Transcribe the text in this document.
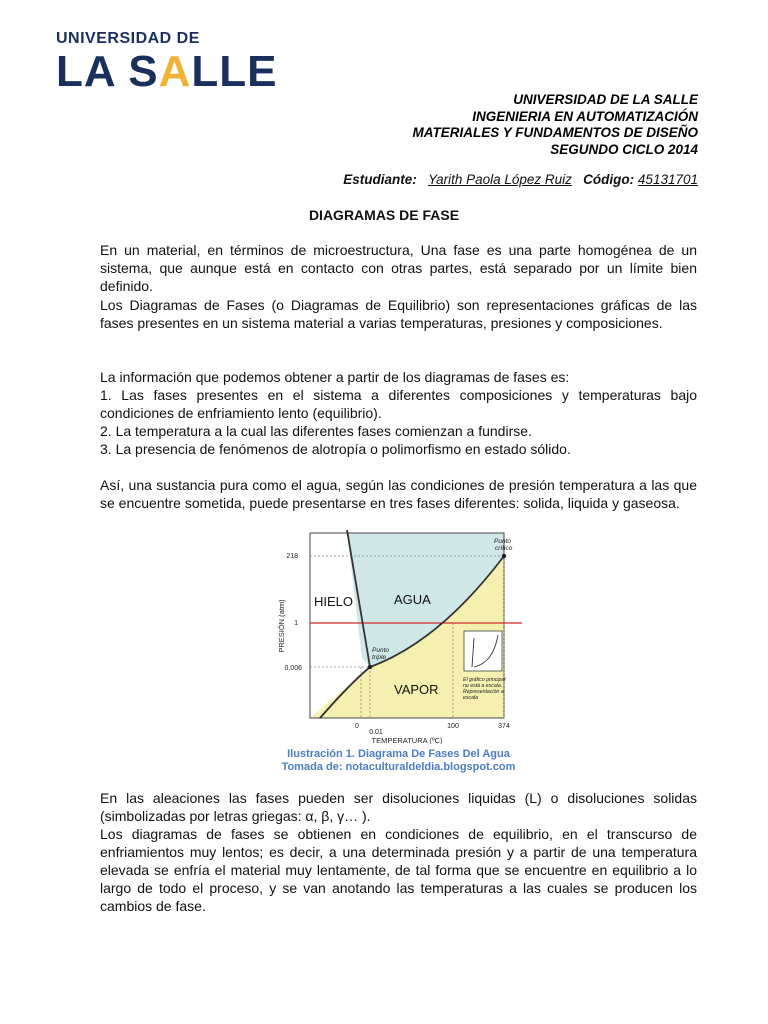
UNIVERSIDAD DE
LA SALLE
UNIVERSIDAD DE LA SALLE
INGENIERIA EN AUTOMATIZACIÓN
MATERIALES Y FUNDAMENTOS DE DISEÑO
SEGUNDO CICLO 2014
Estudiante: Yarith Paola López Ruiz Código: 45131701
DIAGRAMAS DE FASE

En un material, en términos de microestructura, Una fase es una parte homogénea de un sistema, que aunque está en contacto con otras partes, está separado por un límite bien definido.

Los Diagramas de Fases (o Diagramas de Equilibrio) son representaciones gráficas de las fases presentes en un sistema material a varias temperaturas, presiones y composiciones.

La información que podemos obtener a partir de los diagramas de fases es:
1. Las fases presentes en el sistema a diferentes composiciones y temperaturas bajo condiciones de enfriamiento lento (equilibrio).
2. La temperatura a la cual las diferentes fases comienzan a fundirse.
3. La presencia de fenómenos de alotropía o polimorfismo en estado sólido.

Así, una sustancia pura como el agua, según las condiciones de presión temperatura a las que se encuentre sometida, puede presentarse en tres fases diferentes: solida, liquida y gaseosa.

HIELO	AGUA
VAPOR
Punto
crítico
Punto
triple
El gráfico principal
no está a escala.
Representación a
escala
218
1
0.006
0
0.01
100	374
TEMPERATURA (ºC)
PRESIÓN (atm)
Ilustración 1. Diagrama De Fases Del Agua
Tomada de: notaculturaldeldia.blogspot.com

En las aleaciones las fases pueden ser disoluciones liquidas (L) o disoluciones solidas (simbolizadas por letras griegas: α, β, γ… ).

Los diagramas de fases se obtienen en condiciones de equilibrio, en el transcurso de enfriamientos muy lentos; es decir, a una determinada presión y a partir de una temperatura elevada se enfría el material muy lentamente, de tal forma que se encuentre en equilibrio a lo largo de todo el proceso, y se van anotando las temperaturas a las cuales se producen los cambios de fase.
